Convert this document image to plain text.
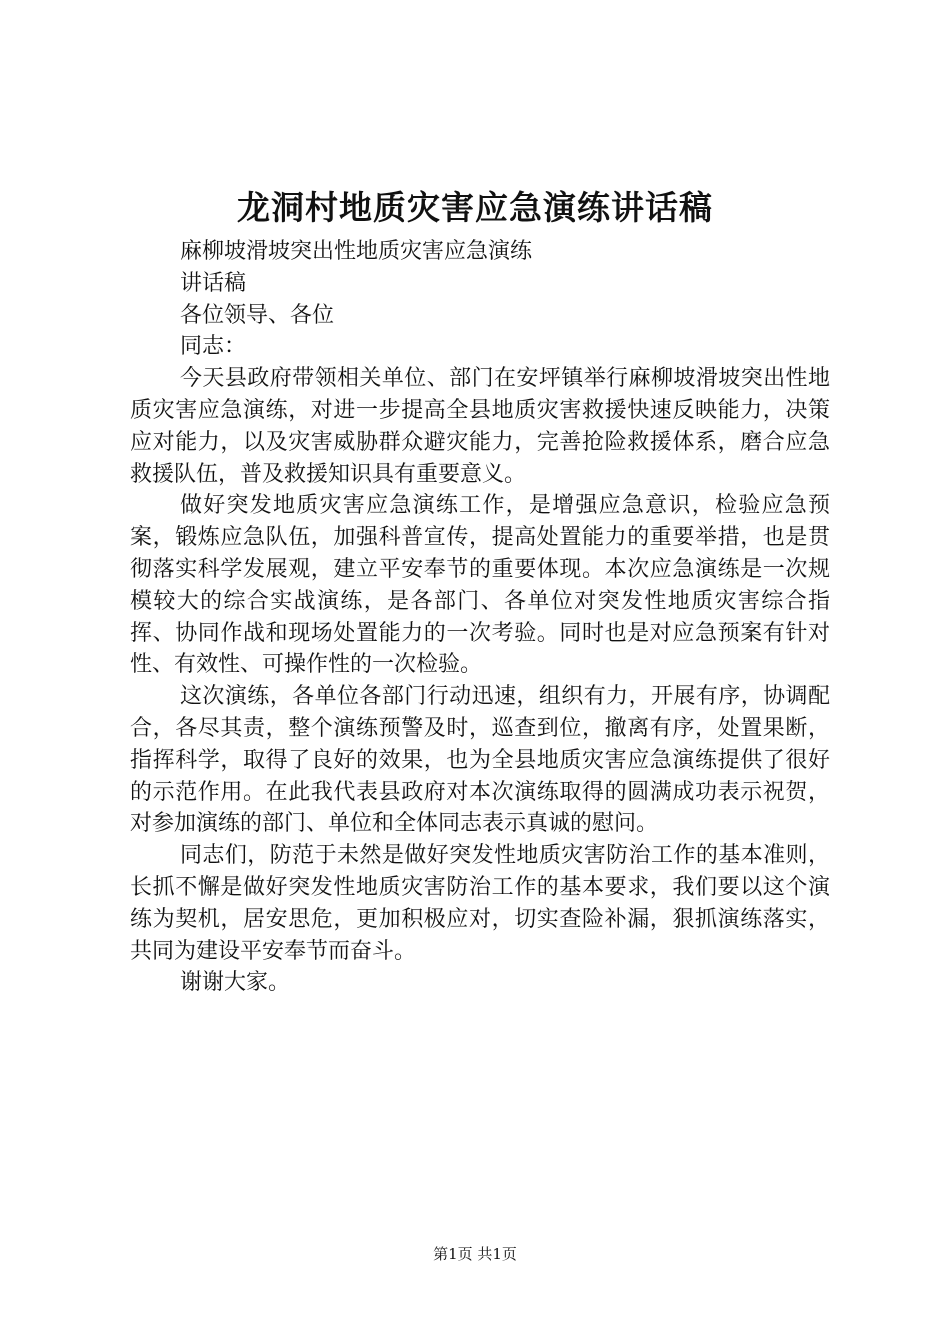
龙洞村地质灾害应急演练讲话稿

麻柳坡滑坡突出性地质灾害应急演练

讲话稿

各位领导、各位

同志：

今天县政府带领相关单位、部门在安坪镇举行麻柳坡滑坡突出性地质灾害应急演练，对进一步提高全县地质灾害救援快速反映能力，决策应对能力，以及灾害威胁群众避灾能力，完善抢险救援体系，磨合应急救援队伍，普及救援知识具有重要意义。

做好突发地质灾害应急演练工作，是增强应急意识，检验应急预案，锻炼应急队伍，加强科普宣传，提高处置能力的重要举措，也是贯彻落实科学发展观，建立平安奉节的重要体现。本次应急演练是一次规模较大的综合实战演练，是各部门、各单位对突发性地质灾害综合指挥、协同作战和现场处置能力的一次考验。同时也是对应急预案有针对性、有效性、可操作性的一次检验。

这次演练，各单位各部门行动迅速，组织有力，开展有序，协调配合，各尽其责，整个演练预警及时，巡查到位，撤离有序，处置果断，指挥科学，取得了良好的效果，也为全县地质灾害应急演练提供了很好的示范作用。在此我代表县政府对本次演练取得的圆满成功表示祝贺，对参加演练的部门、单位和全体同志表示真诚的慰问。

同志们，防范于未然是做好突发性地质灾害防治工作的基本准则，长抓不懈是做好突发性地质灾害防治工作的基本要求，我们要以这个演练为契机，居安思危，更加积极应对，切实查险补漏，狠抓演练落实，共同为建设平安奉节而奋斗。

谢谢大家。

第1页 共1页
